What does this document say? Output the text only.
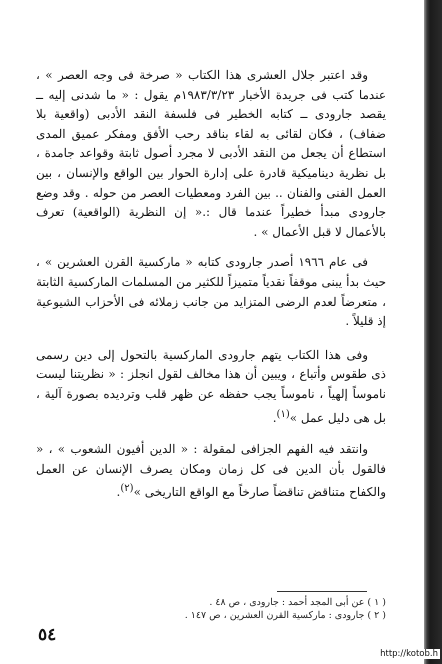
وقد اعتبر جلال العشرى هذا الكتاب « صرخة فى وجه العصر » ، عندما كتب فى جريدة الأخبار ١٩٨٣/٣/٢٣م يقول : « ما شدنى إليه ــ يقصد جارودى ــ كتابه الخطير فى فلسفة النقد الأدبى (واقعية بلا ضفاف) ، فكان لقائى به لقاء بناقد رحب الأفق ومفكر عميق المدى استطاع أن يجعل من النقد الأدبى لا مجرد أصول ثابتة وقواعد جامدة ، بل نظرية ديناميكية قادرة على إدارة الحوار بين الواقع والإنسان ، بين العمل الفنى والفنان .. بين الفرد ومعطيات العصر من حوله . وقد وضع جارودى مبدأ خطيراً عندما قال :.« إن النظرية (الواقعية) تعرف بالأعمال لا قبل الأعمال » .

فى عام ١٩٦٦ أصدر جارودى كتابه « ماركسية القرن العشرين » ، حيث بدأ يبنى موقفاً نقدياً متميزاً للكثير من المسلمات الماركسية الثابتة ، متعرضاً لعدم الرضى المتزايد من جانب زملائه فى الأحزاب الشيوعية إذ قليلاً .

وفى هذا الكتاب يتهم جارودى الماركسية بالتحول إلى دين رسمى ذى طقوس وأتباع ، ويبين أن هذا مخالف لقول انجلز : « نظريتنا ليست ناموساً إلهياً ، ناموساً يجب حفظه عن ظهر قلب وترديده بصورة آلية ، بل هى دليل عمل »$^{(١)}$.

وانتقد فيه الفهم الجزافى لمقولة : « الدين أفيون الشعوب » ، « فالقول بأن الدين فى كل زمان ومكان يصرف الإنسان عن العمل والكفاح متناقض تناقضاً صارخاً مع الواقع التاريخى »$^{(٢)}$.

( ١ ) عن أبى المجد أحمد : جارودى ، ص ٤٨ .

( ٢ ) جارودى : ماركسية القرن العشرين ، ص ١٤٧ .

٥٤
http://kotob.h
